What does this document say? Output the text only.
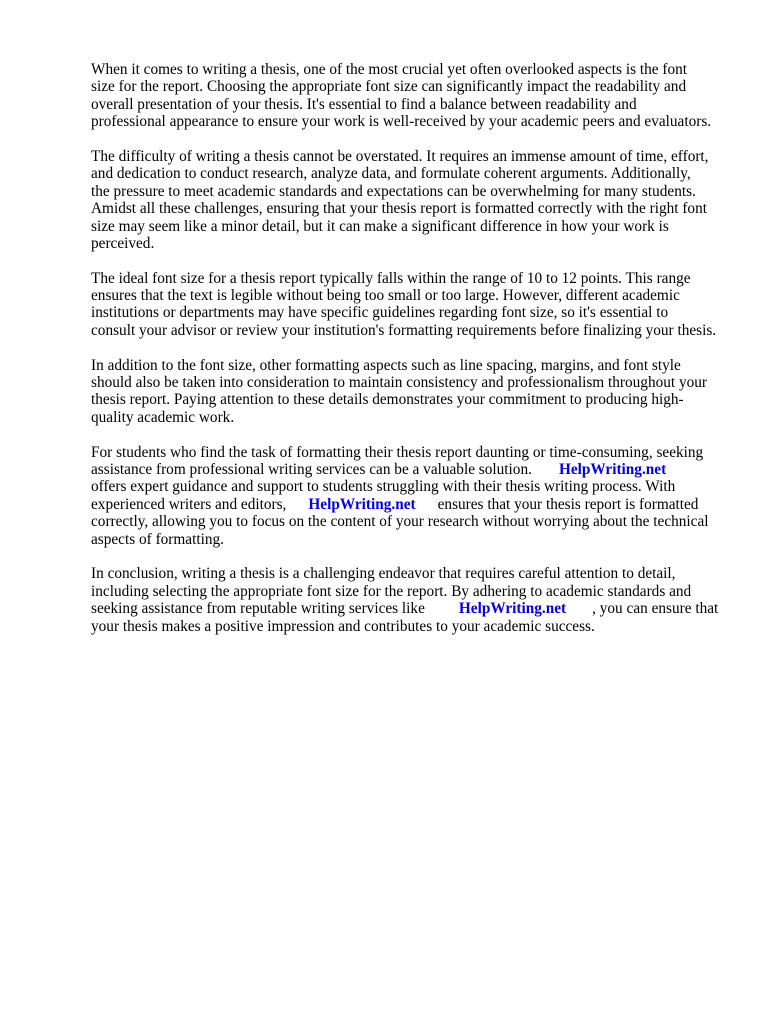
When it comes to writing a thesis, one of the most crucial yet often overlooked aspects is the font
size for the report. Choosing the appropriate font size can significantly impact the readability and
overall presentation of your thesis. It's essential to find a balance between readability and
professional appearance to ensure your work is well-received by your academic peers and evaluators.

The difficulty of writing a thesis cannot be overstated. It requires an immense amount of time, effort,
and dedication to conduct research, analyze data, and formulate coherent arguments. Additionally,
the pressure to meet academic standards and expectations can be overwhelming for many students.
Amidst all these challenges, ensuring that your thesis report is formatted correctly with the right font
size may seem like a minor detail, but it can make a significant difference in how your work is
perceived.

The ideal font size for a thesis report typically falls within the range of 10 to 12 points. This range
ensures that the text is legible without being too small or too large. However, different academic
institutions or departments may have specific guidelines regarding font size, so it's essential to
consult your advisor or review your institution's formatting requirements before finalizing your thesis.

In addition to the font size, other formatting aspects such as line spacing, margins, and font style
should also be taken into consideration to maintain consistency and professionalism throughout your
thesis report. Paying attention to these details demonstrates your commitment to producing high-
quality academic work.

For students who find the task of formatting their thesis report daunting or time-consuming, seeking
assistance from professional writing services can be a valuable solution. HelpWriting.net
offers expert guidance and support to students struggling with their thesis writing process. With
experienced writers and editors, HelpWriting.net ensures that your thesis report is formatted
correctly, allowing you to focus on the content of your research without worrying about the technical
aspects of formatting.

In conclusion, writing a thesis is a challenging endeavor that requires careful attention to detail,
including selecting the appropriate font size for the report. By adhering to academic standards and
seeking assistance from reputable writing services like HelpWriting.net , you can ensure that
your thesis makes a positive impression and contributes to your academic success.
